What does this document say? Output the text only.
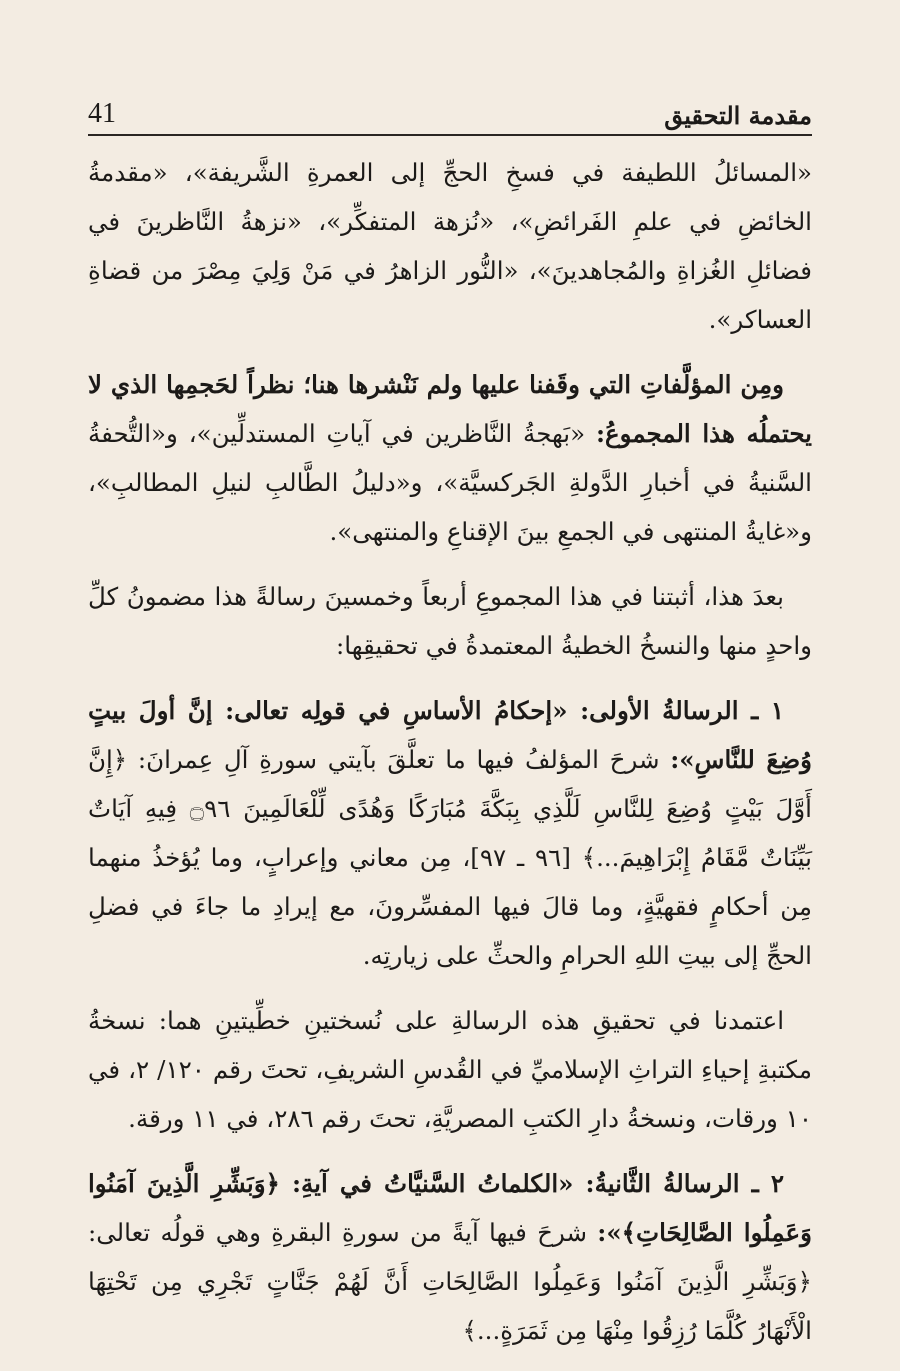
41	مقدمة التحقيق

«المسائلُ اللطيفة في فسخِ الحجِّ إلى العمرةِ الشَّريفة»، «مقدمةُ الخائضِ في علمِ الفَرائضِ»، «نُزهة المتفكِّر»، «نزهةُ النَّاظرينَ في فضائلِ الغُزاةِ والمُجاهدينَ»، «النُّور الزاهرُ في مَنْ وَلِيَ مِصْرَ من قضاةِ العساكر».

ومِن المؤلَّفاتِ التي وقَفنا عليها ولم نَنْشرها هنا؛ نظراً لحَجمِها الذي لا يحتملُه هذا المجموعُ: «بَهجةُ النَّاظرين في آياتِ المستدلِّين»، و«التُّحفةُ السَّنيةُ في أخبارِ الدَّولةِ الجَركسيَّة»، و«دليلُ الطَّالبِ لنيلِ المطالبِ»، و«غايةُ المنتهى في الجمعِ بينَ الإقناعِ والمنتهى».

بعدَ هذا، أثبتنا في هذا المجموعِ أربعاً وخمسينَ رسالةً هذا مضمونُ كلِّ واحدٍ منها والنسخُ الخطيةُ المعتمدةُ في تحقيقِها:

١ ـ الرسالةُ الأولى: «إحكامُ الأساسِ في قولِه تعالى: إنَّ أولَ بيتٍ وُضِعَ للنَّاسِ»: شرحَ المؤلفُ فيها ما تعلَّقَ بآيتي سورةِ آلِ عِمرانَ: ﴿إِنَّ أَوَّلَ بَيْتٍ وُضِعَ لِلنَّاسِ لَلَّذِي بِبَكَّةَ مُبَارَكًا وَهُدًى لِّلْعَالَمِينَ ۝٩٦ فِيهِ آيَاتٌ بَيِّنَاتٌ مَّقَامُ إِبْرَاهِيمَ...﴾ [٩٦ ـ ٩٧]، مِن معاني وإعرابٍ، وما يُؤخذُ منهما مِن أحكامٍ فقهيَّةٍ، وما قالَ فيها المفسِّرونَ، مع إيرادِ ما جاءَ في فضلِ الحجِّ إلى بيتِ اللهِ الحرامِ والحثِّ على زيارتِه.

اعتمدنا في تحقيقِ هذه الرسالةِ على نُسختينِ خطِّيتينِ هما: نسخةُ مكتبةِ إحياءِ التراثِ الإسلاميِّ في القُدسِ الشريفِ، تحتَ رقم ١٢٠/ ٢، في ١٠ ورقات، ونسخةُ دارِ الكتبِ المصريَّةِ، تحتَ رقم ٢٨٦، في ١١ ورقة.

٢ ـ الرسالةُ الثَّانيةُ: «الكلماتُ السَّنيَّاتُ في آيةِ: ﴿وَبَشِّرِ الَّذِينَ آمَنُوا وَعَمِلُوا الصَّالِحَاتِ﴾»: شرحَ فيها آيةً من سورةِ البقرةِ وهي قولُه تعالى: ﴿وَبَشِّرِ الَّذِينَ آمَنُوا وَعَمِلُوا الصَّالِحَاتِ أَنَّ لَهُمْ جَنَّاتٍ تَجْرِي مِن تَحْتِهَا الْأَنْهَارُ كُلَّمَا رُزِقُوا مِنْهَا مِن ثَمَرَةٍ...﴾
